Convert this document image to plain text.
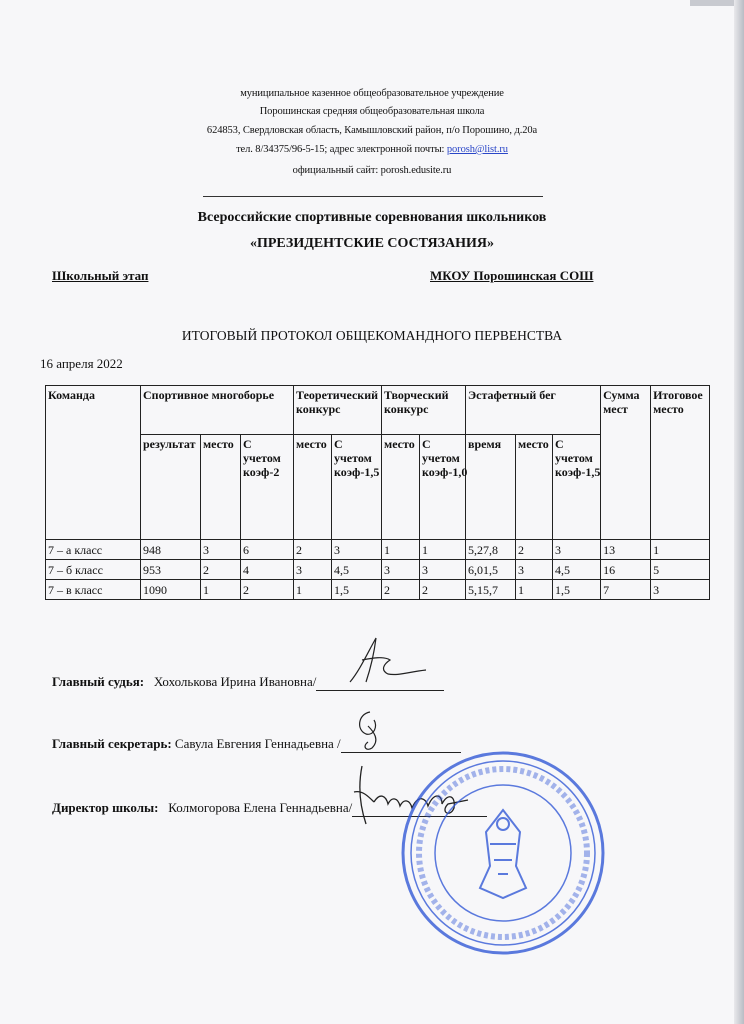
муниципальное казенное общеобразовательное учреждение
Порошинская средняя общеобразовательная школа
624853, Свердловская область, Камышловский район, п/о Порошино, д.20а
тел. 8/34375/96-5-15; адрес электронной почты: porosh@list.ru
официальный сайт: porosh.edusite.ru
Всероссийские спортивные соревнования школьников
«ПРЕЗИДЕНТСКИЕ СОСТЯЗАНИЯ»
Школьный этап	МКОУ Порошинская СОШ
ИТОГОВЫЙ ПРОТОКОЛ ОБЩЕКОМАНДНОГО ПЕРВЕНСТВА
16 апреля 2022
Команда	Спортивное многоборье			Теоретический конкурс		Творческий конкурс		Эстафетный бег			Сумма мест	Итоговое место
	результат	место	С учетом коэф-2	место	С учетом коэф-1,5	место	С учетом коэф-1,0	время	место	С учетом коэф-1,5		
7 – а класс	948	3	6	2	3	1	1	5,27,8	2	3	13	1
7 – б класс	953	2	4	3	4,5	3	3	6,01,5	3	4,5	16	5
7 – в класс	1090	1	2	1	1,5	2	2	5,15,7	1	1,5	7	3
Главный судья: Хохолькова Ирина Ивановна/
Главный секретарь: Савула Евгения Геннадьевна /
Директор школы: Колмогорова Елена Геннадьевна/
